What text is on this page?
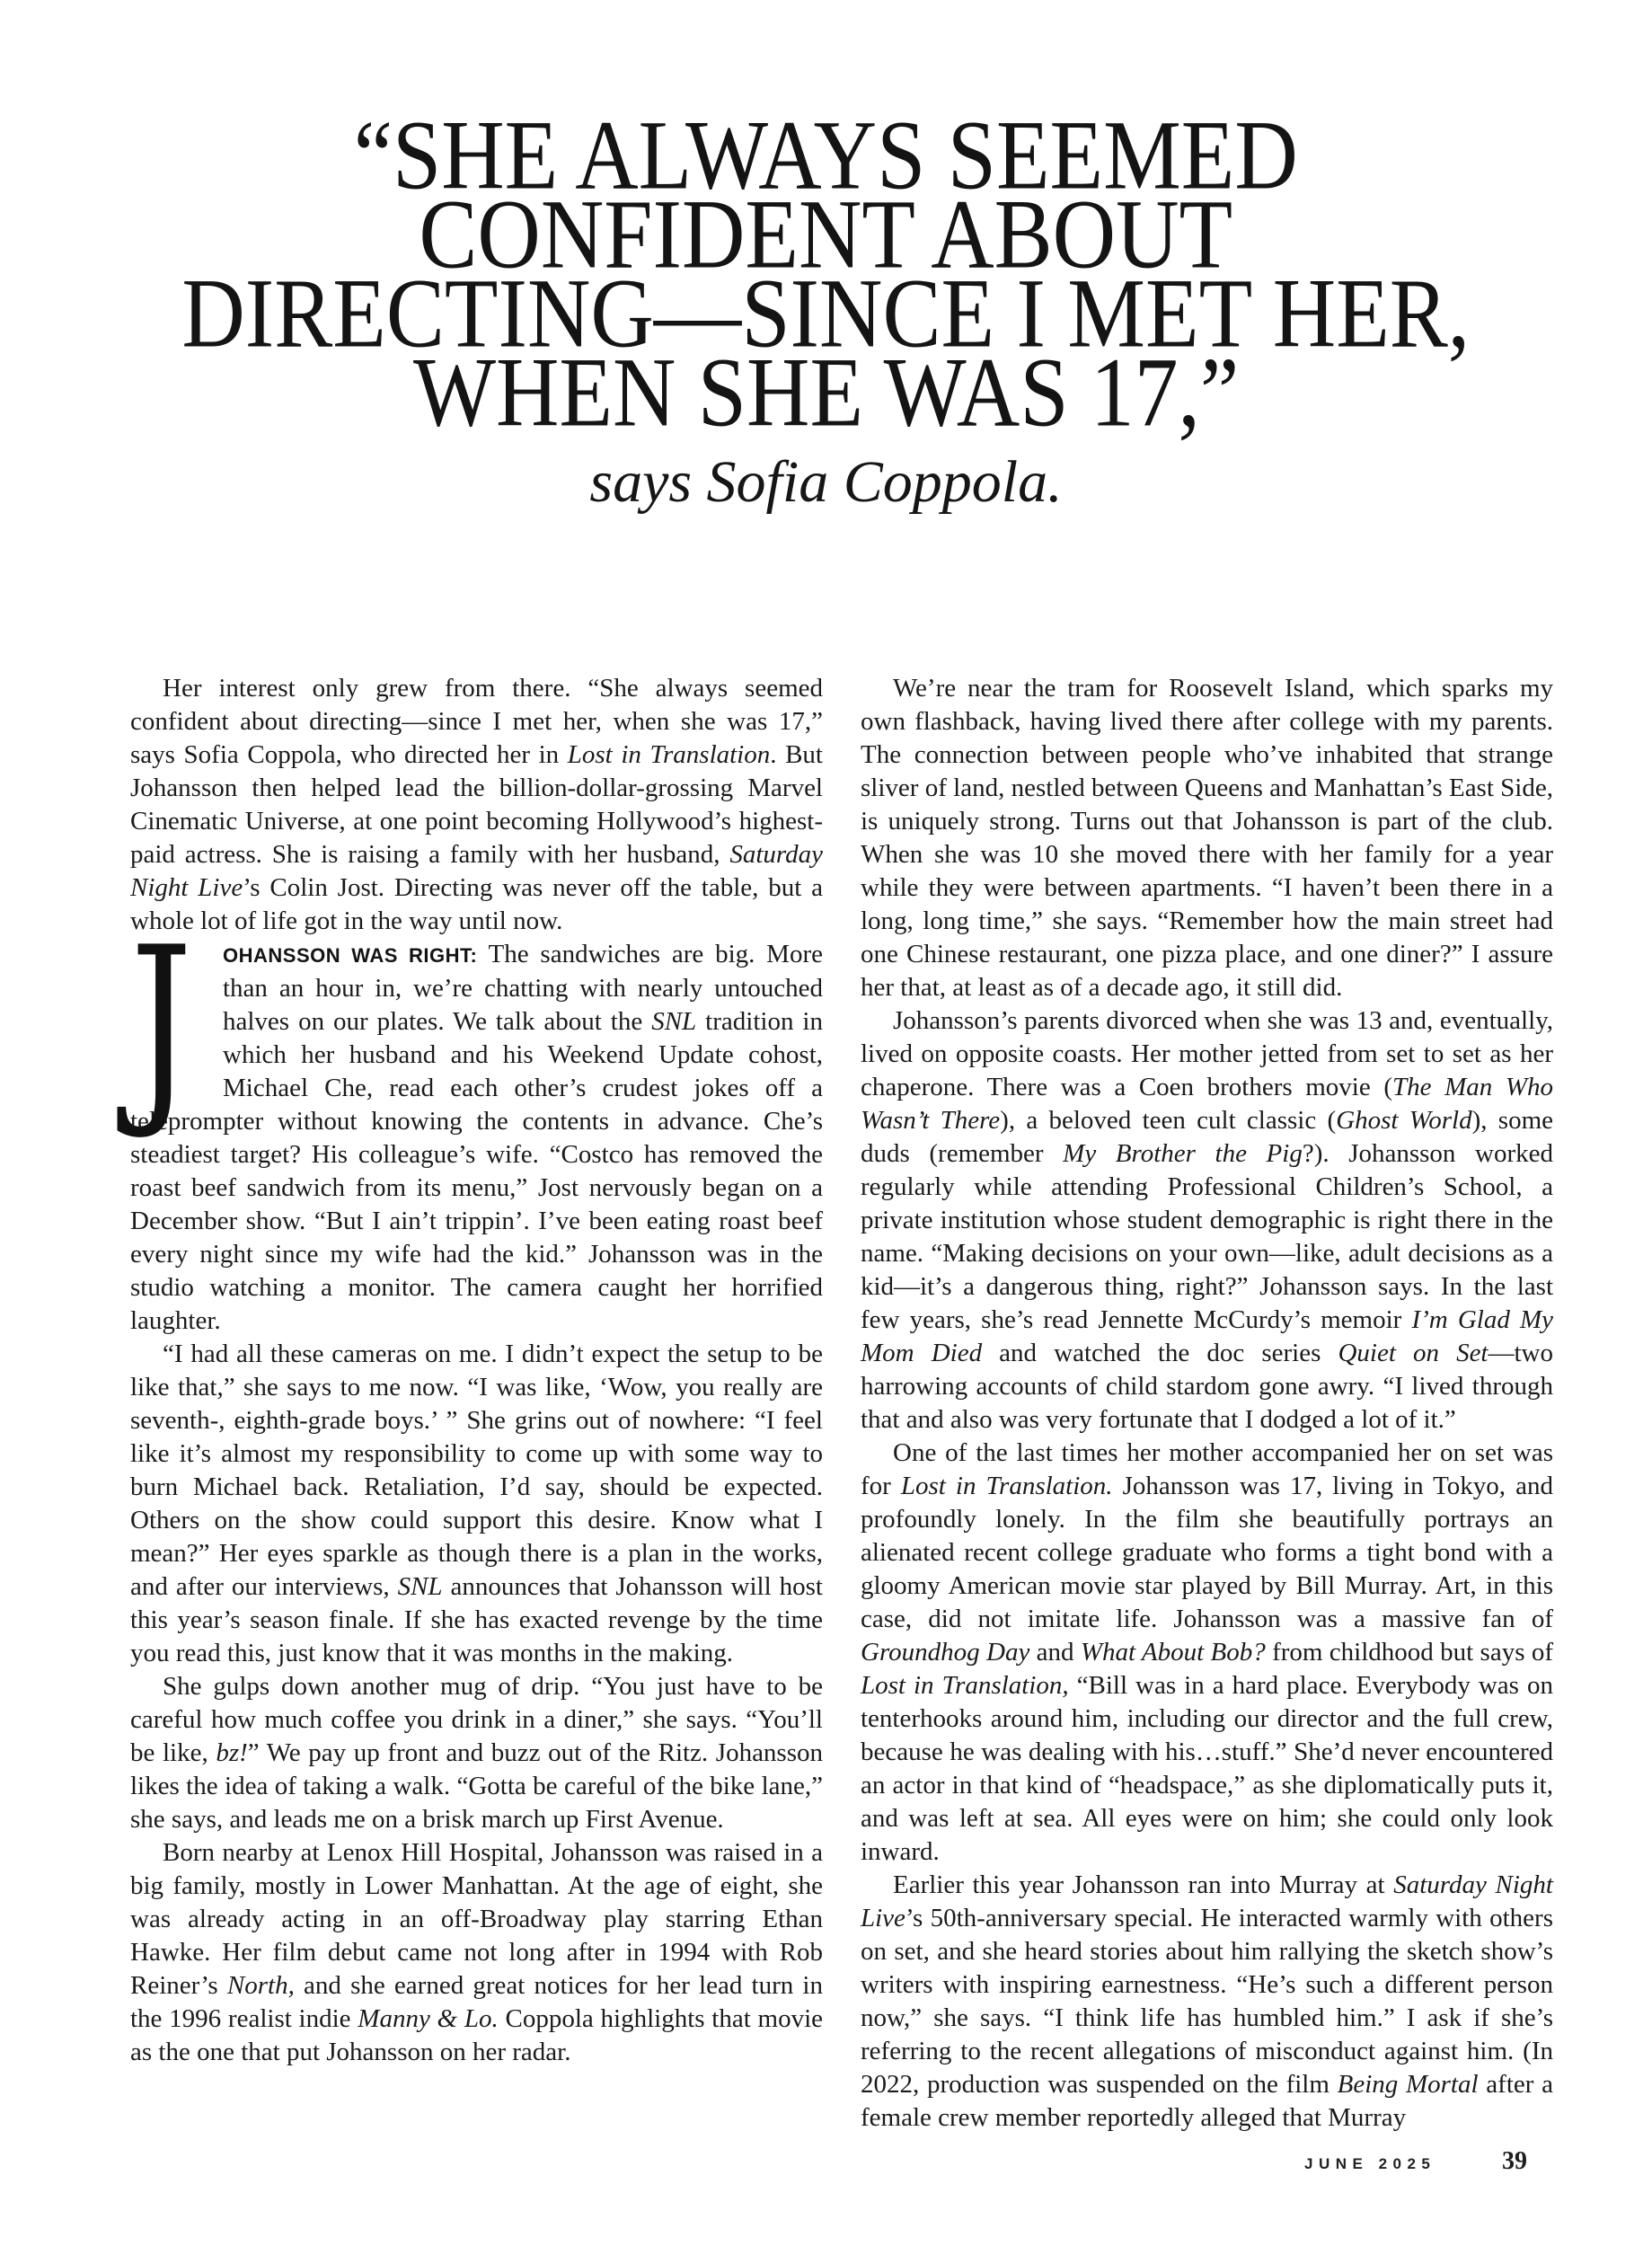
“SHE ALWAYS SEEMED
CONFIDENT ABOUT
DIRECTING—SINCE I MET HER,
WHEN SHE WAS 17,”
says Sofia Coppola.

Her interest only grew from there. “She always seemed confident about directing—since I met her, when she was 17,” says Sofia Coppola, who directed her in Lost in Translation. But Johansson then helped lead the billion-dollar-grossing Marvel Cinematic Universe, at one point becoming Hollywood’s highest-paid actress. She is raising a family with her husband, Saturday Night Live’s Colin Jost. Directing was never off the table, but a whole lot of life got in the way until now.

J	OHANSSON WAS RIGHT: The sandwiches are big. More than an hour in, we’re chatting with nearly untouched halves on our plates. We talk about the SNL tradition in which her husband and his Weekend Update cohost, Michael Che, read each other’s crudest jokes off a teleprompter without knowing the contents in advance. Che’s steadiest target? His colleague’s wife. “Costco has removed the roast beef sandwich from its menu,” Jost nervously began on a December show. “But I ain’t trippin’. I’ve been eating roast beef every night since my wife had the kid.” Johansson was in the studio watching a monitor. The camera caught her horrified laughter.

“I had all these cameras on me. I didn’t expect the setup to be like that,” she says to me now. “I was like, ‘Wow, you really are seventh-, eighth-grade boys.’ ” She grins out of nowhere: “I feel like it’s almost my responsibility to come up with some way to burn Michael back. Retaliation, I’d say, should be expected. Others on the show could support this desire. Know what I mean?” Her eyes sparkle as though there is a plan in the works, and after our interviews, SNL announces that Johansson will host this year’s season finale. If she has exacted revenge by the time you read this, just know that it was months in the making.

She gulps down another mug of drip. “You just have to be careful how much coffee you drink in a diner,” she says. “You’ll be like, bz!” We pay up front and buzz out of the Ritz. Johansson likes the idea of taking a walk. “Gotta be careful of the bike lane,” she says, and leads me on a brisk march up First Avenue.

Born nearby at Lenox Hill Hospital, Johansson was raised in a big family, mostly in Lower Manhattan. At the age of eight, she was already acting in an off-Broadway play starring Ethan Hawke. Her film debut came not long after in 1994 with Rob Reiner’s North, and she earned great notices for her lead turn in the 1996 realist indie Manny & Lo. Coppola highlights that movie as the one that put Johansson on her radar.

We’re near the tram for Roosevelt Island, which sparks my own flashback, having lived there after college with my parents. The connection between people who’ve inhabited that strange sliver of land, nestled between Queens and Manhattan’s East Side, is uniquely strong. Turns out that Johansson is part of the club. When she was 10 she moved there with her family for a year while they were between apartments. “I haven’t been there in a long, long time,” she says. “Remember how the main street had one Chinese restaurant, one pizza place, and one diner?” I assure her that, at least as of a decade ago, it still did.

Johansson’s parents divorced when she was 13 and, eventually, lived on opposite coasts. Her mother jetted from set to set as her chaperone. There was a Coen brothers movie (The Man Who Wasn’t There), a beloved teen cult classic (Ghost World), some duds (remember My Brother the Pig?). Johansson worked regularly while attending Professional Children’s School, a private institution whose student demographic is right there in the name. “Making decisions on your own—like, adult decisions as a kid—it’s a dangerous thing, right?” Johansson says. In the last few years, she’s read Jennette McCurdy’s memoir I’m Glad My Mom Died and watched the doc series Quiet on Set—two harrowing accounts of child stardom gone awry. “I lived through that and also was very fortunate that I dodged a lot of it.”

One of the last times her mother accompanied her on set was for Lost in Translation. Johansson was 17, living in Tokyo, and profoundly lonely. In the film she beautifully portrays an alienated recent college graduate who forms a tight bond with a gloomy American movie star played by Bill Murray. Art, in this case, did not imitate life. Johansson was a massive fan of Groundhog Day and What About Bob? from childhood but says of Lost in Translation, “Bill was in a hard place. Everybody was on tenterhooks around him, including our director and the full crew, because he was dealing with his…stuff.” She’d never encountered an actor in that kind of “headspace,” as she diplomatically puts it, and was left at sea. All eyes were on him; she could only look inward.

Earlier this year Johansson ran into Murray at Saturday Night Live’s 50th-anniversary special. He interacted warmly with others on set, and she heard stories about him rallying the sketch show’s writers with inspiring earnestness. “He’s such a different person now,” she says. “I think life has humbled him.” I ask if she’s referring to the recent allegations of misconduct against him. (In 2022, production was suspended on the film Being Mortal after a female crew member reportedly alleged that Murray

JUNE 2025	39
